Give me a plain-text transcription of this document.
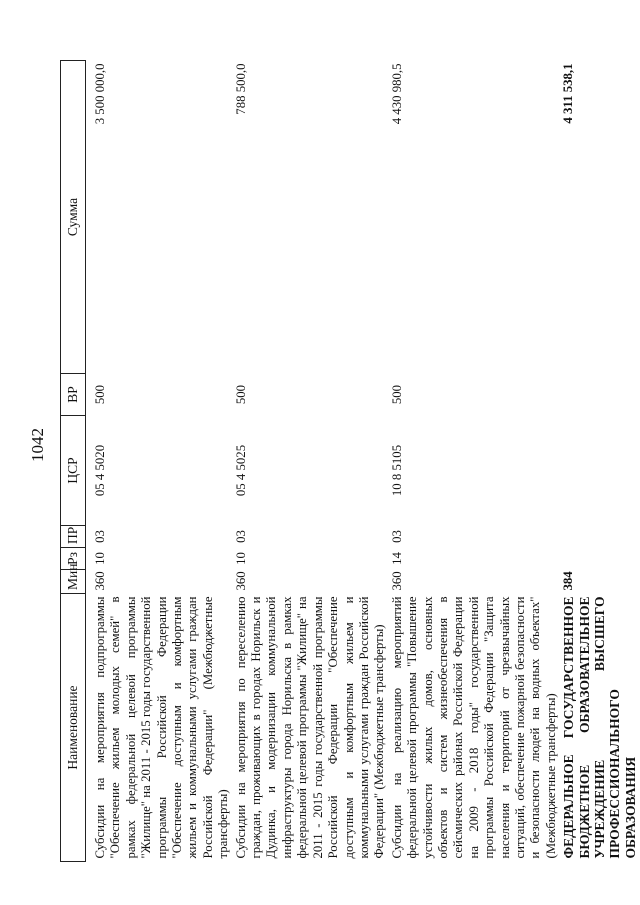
1042
Наименование	Мин	Рз	ПР	ЦСР	ВР	Сумма
Субсидии на мероприятия подпрограммы "Обеспечение жильем молодых семей" в рамках федеральной целевой программы "Жилище" на 2011 - 2015 годы государственной программы Российской Федерации "Обеспечение доступным и комфортным жильем и коммунальными услугами граждан Российской Федерации" (Межбюджетные трансферты)	360	10	03	05 4 5020	500	3 500 000,0
Субсидии на мероприятия по переселению граждан, проживающих в городах Норильск и Дудинка, и модернизации коммунальной инфраструктуры города Норильска в рамках федеральной целевой программы "Жилище" на 2011 - 2015 годы государственной программы Российской Федерации "Обеспечение доступным и комфортным жильем и коммунальными услугами граждан Российской Федерации" (Межбюджетные трансферты)	360	10	03	05 4 5025	500	788 500,0
Субсидии на реализацию мероприятий федеральной целевой программы "Повышение устойчивости жилых домов, основных объектов и систем жизнеобеспечения в сейсмических районах Российской Федерации на 2009 - 2018 годы" государственной программы Российской Федерации "Защита населения и территорий от чрезвычайных ситуаций, обеспечение пожарной безопасности и безопасности людей на водных объектах" (Межбюджетные трансферты)	360	14	03	10 8 5105	500	4 430 980,5
ФЕДЕРАЛЬНОЕ ГОСУДАРСТВЕННОЕ БЮДЖЕТНОЕ ОБРАЗОВАТЕЛЬНОЕ УЧРЕЖДЕНИЕ ВЫСШЕГО ПРОФЕССИОНАЛЬНОГО ОБРАЗОВАНИЯ	384					4 311 538,1
